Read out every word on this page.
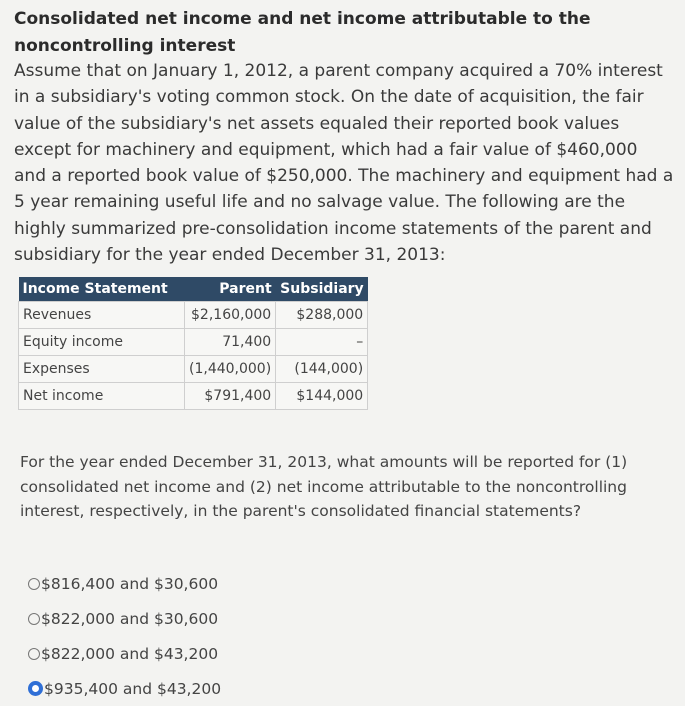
Consolidated net income and net income attributable to the noncontrolling interest
Assume that on January 1, 2012, a parent company acquired a 70% interest in a subsidiary's voting common stock. On the date of acquisition, the fair value of the subsidiary's net assets equaled their reported book values except for machinery and equipment, which had a fair value of $460,000 and a reported book value of $250,000. The machinery and equipment had a 5 year remaining useful life and no salvage value. The following are the highly summarized pre-consolidation income statements of the parent and subsidiary for the year ended December 31, 2013:
Income Statement	Parent	Subsidiary
Revenues	$2,160,000	$288,000
Equity income	71,400	–
Expenses	(1,440,000)	(144,000)
Net income	$791,400	$144,000
For the year ended December 31, 2013, what amounts will be reported for (1) consolidated net income and (2) net income attributable to the noncontrolling interest, respectively, in the parent's consolidated financial statements?
$816,400 and $30,600
$822,000 and $30,600
$822,000 and $43,200
$935,400 and $43,200
